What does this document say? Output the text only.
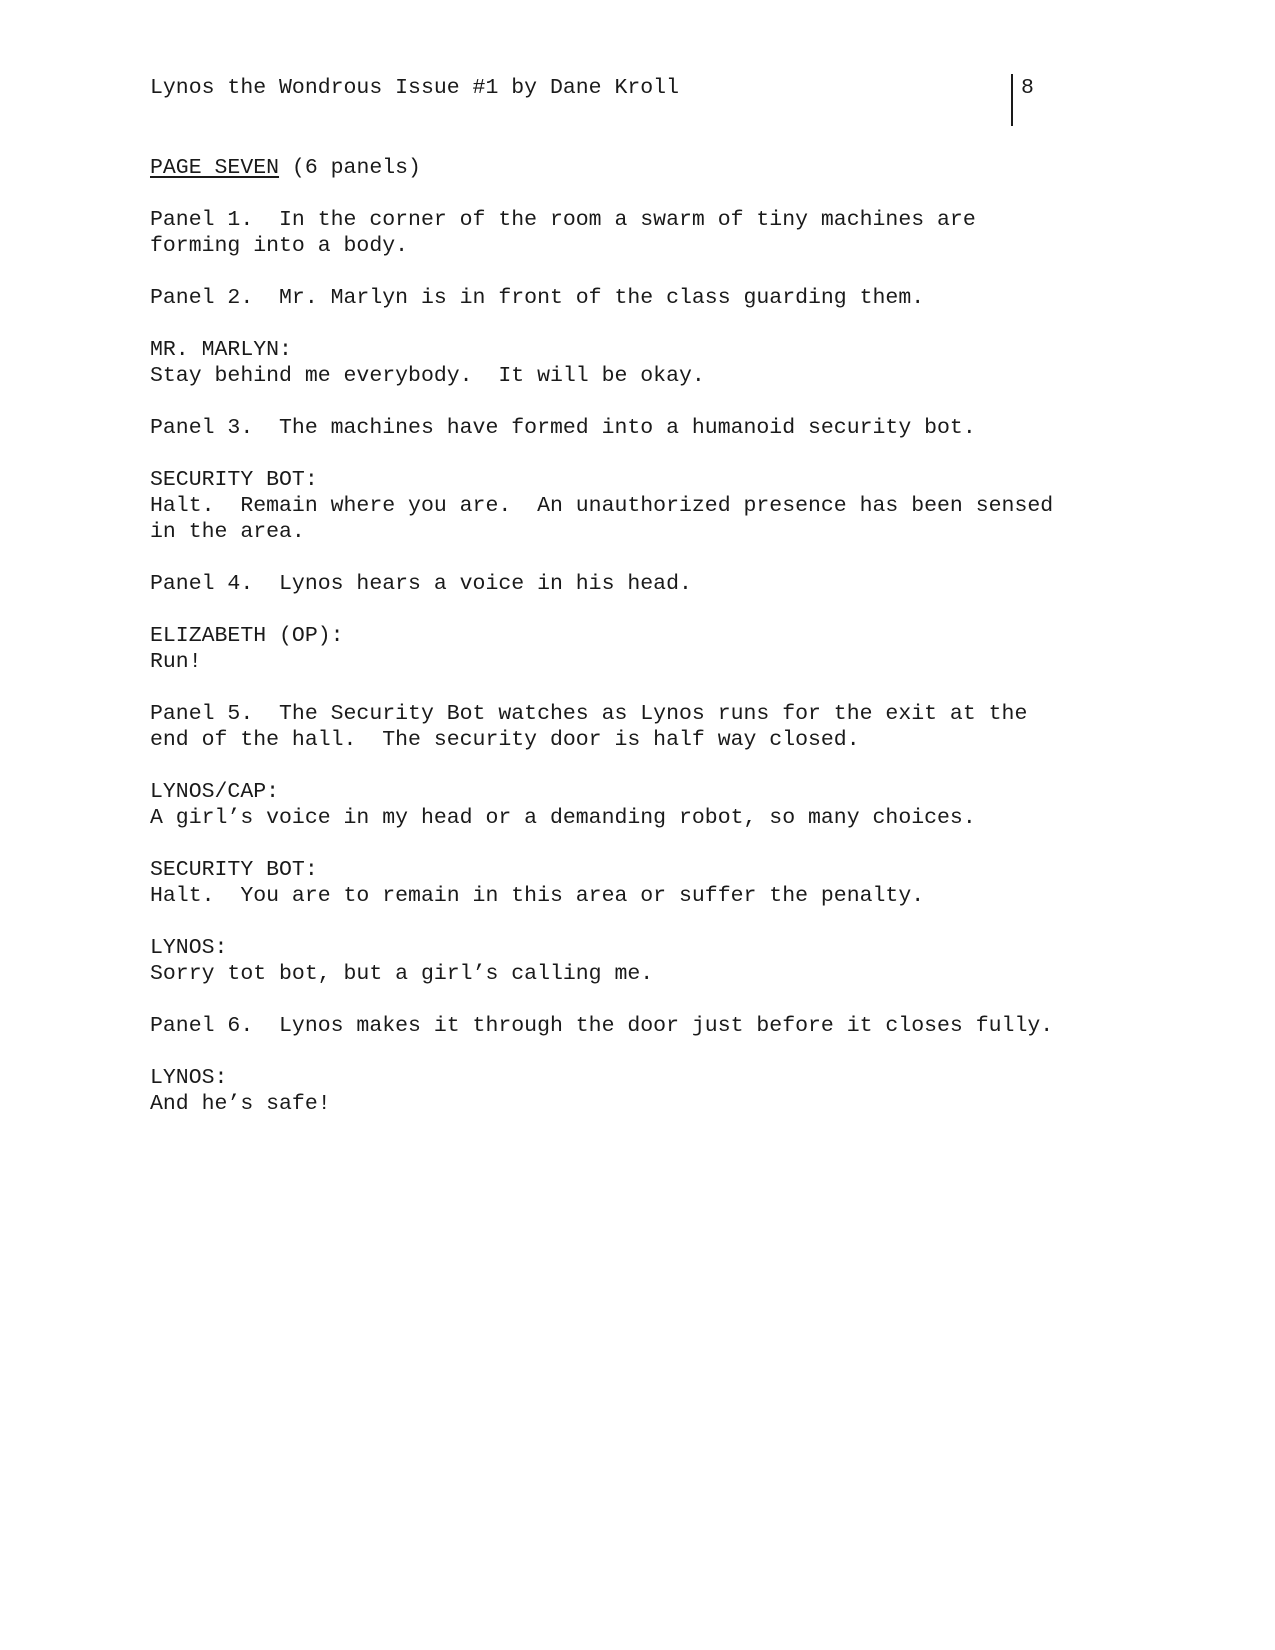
Lynos the Wondrous Issue #1 by Dane Kroll	8
PAGE SEVEN (6 panels)
Panel 1.  In the corner of the room a swarm of tiny machines are
forming into a body.
Panel 2.  Mr. Marlyn is in front of the class guarding them.
MR. MARLYN:
Stay behind me everybody.  It will be okay.
Panel 3.  The machines have formed into a humanoid security bot.
SECURITY BOT:
Halt.  Remain where you are.  An unauthorized presence has been sensed
in the area.
Panel 4.  Lynos hears a voice in his head.
ELIZABETH (OP):
Run!
Panel 5.  The Security Bot watches as Lynos runs for the exit at the
end of the hall.  The security door is half way closed.
LYNOS/CAP:
A girl’s voice in my head or a demanding robot, so many choices.
SECURITY BOT:
Halt.  You are to remain in this area or suffer the penalty.
LYNOS:
Sorry tot bot, but a girl’s calling me.
Panel 6.  Lynos makes it through the door just before it closes fully.
LYNOS:
And he’s safe!
